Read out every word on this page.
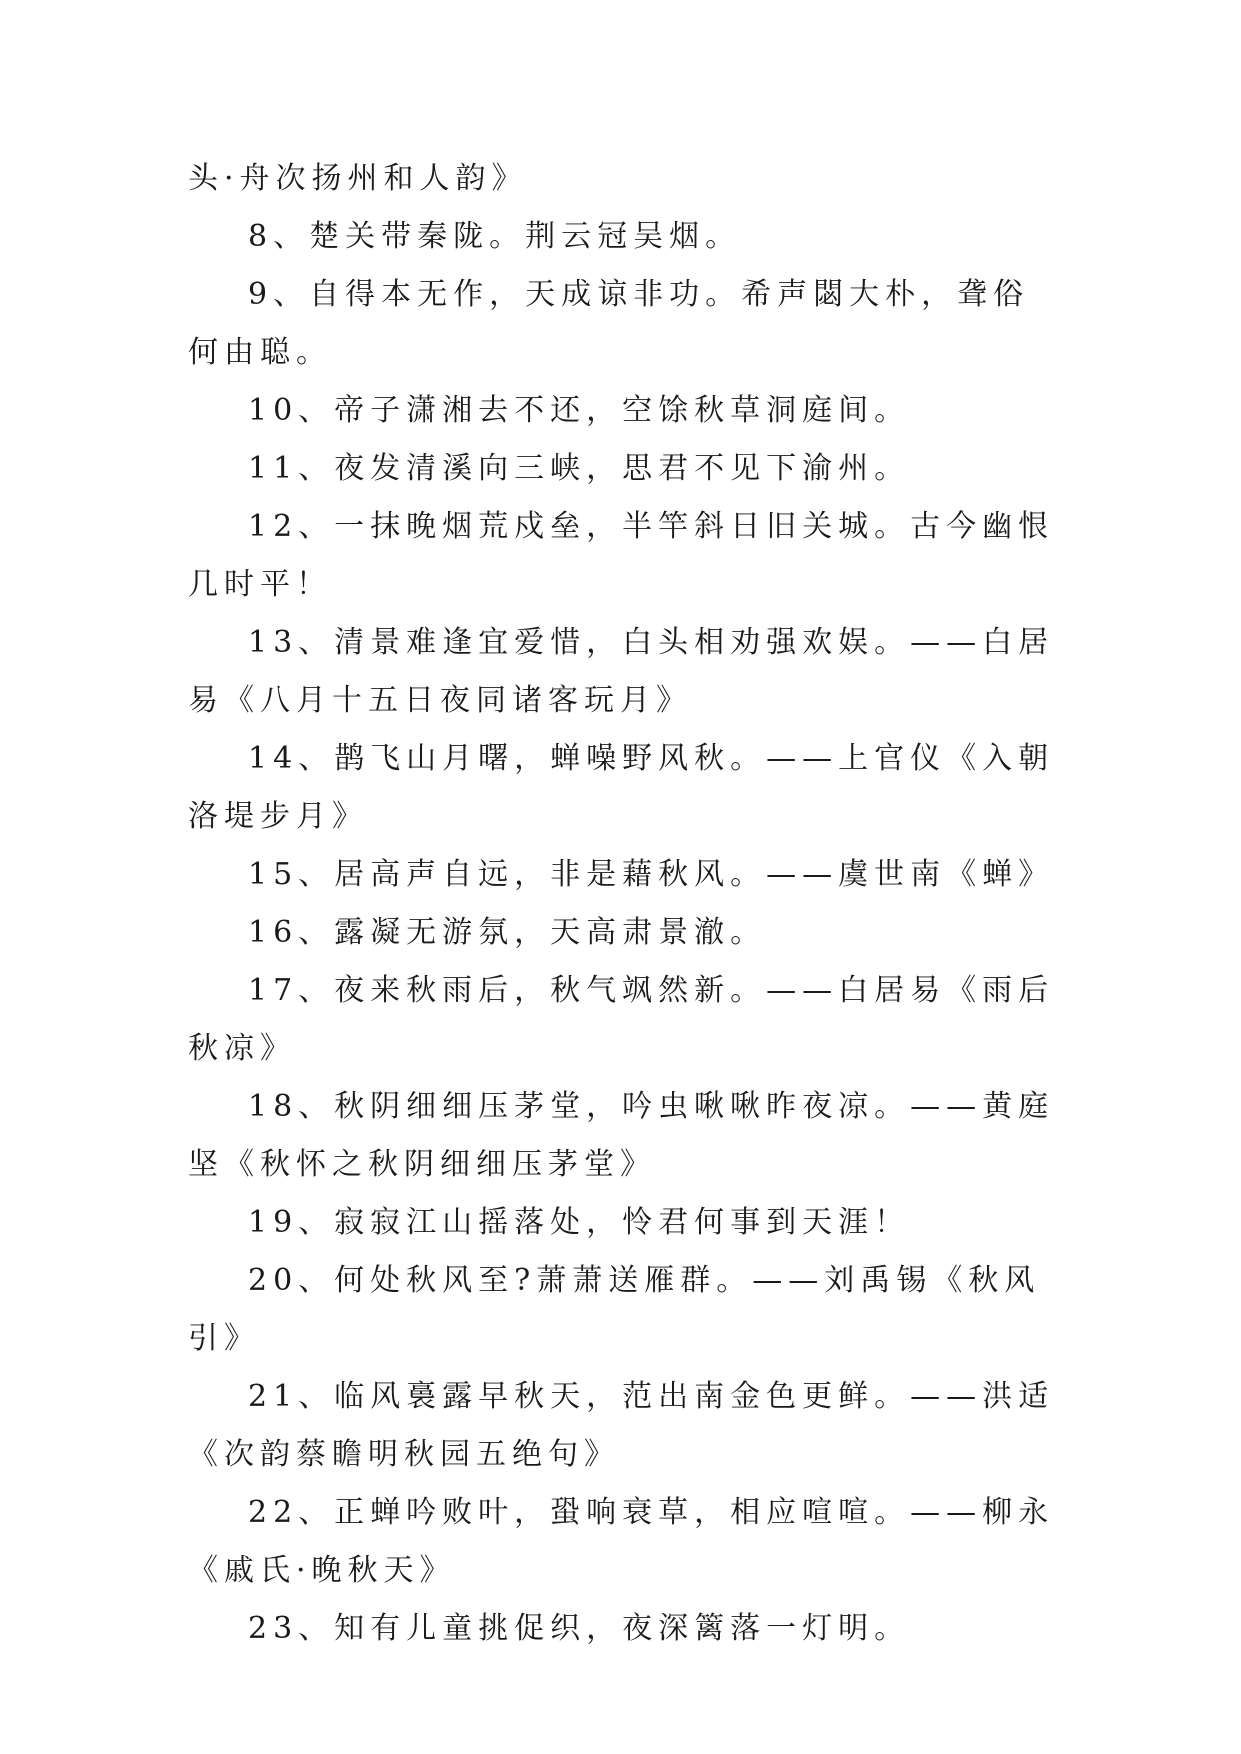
头·舟次扬州和人韵》

8、楚关带秦陇。荆云冠吴烟。

9、自得本无作，天成谅非功。希声閟大朴，聋俗何由聪。

10、帝子潇湘去不还，空馀秋草洞庭间。

11、夜发清溪向三峡，思君不见下渝州。

12、一抹晚烟荒戍垒，半竿斜日旧关城。古今幽恨几时平！

13、清景难逢宜爱惜，白头相劝强欢娱。——白居易《八月十五日夜同诸客玩月》

14、鹊飞山月曙，蝉噪野风秋。——上官仪《入朝洛堤步月》

15、居高声自远，非是藉秋风。——虞世南《蝉》

16、露凝无游氛，天高肃景澈。

17、夜来秋雨后，秋气飒然新。——白居易《雨后秋凉》

18、秋阴细细压茅堂，吟虫啾啾昨夜凉。——黄庭坚《秋怀之秋阴细细压茅堂》

19、寂寂江山摇落处，怜君何事到天涯！

20、何处秋风至?萧萧送雁群。——刘禹锡《秋风引》

21、临风裛露早秋天，范出南金色更鲜。——洪适《次韵蔡瞻明秋园五绝句》

22、正蝉吟败叶，蛩响衰草，相应喧喧。——柳永《戚氏·晚秋天》

23、知有儿童挑促织，夜深篱落一灯明。
